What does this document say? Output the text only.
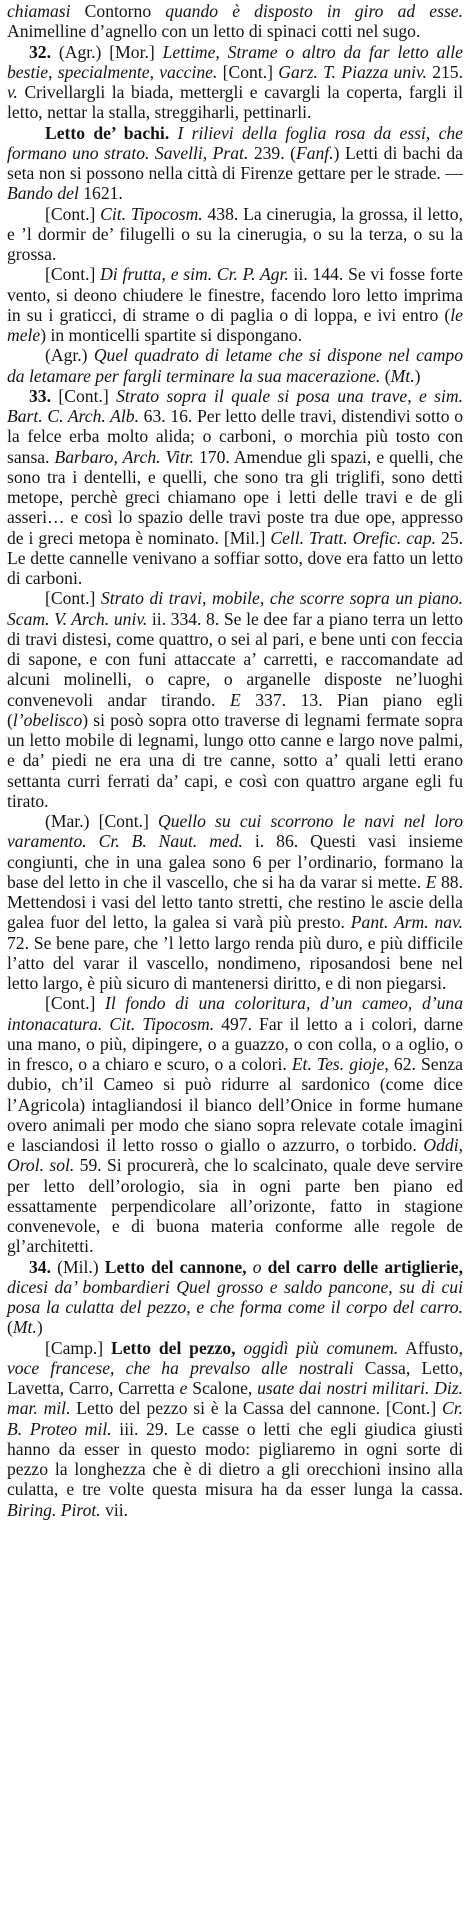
chiamasi Contorno quando è disposto in giro ad esse. Animelline d’agnello con un letto di spinaci cotti nel sugo.

32. (Agr.) [Mor.] Lettime, Strame o altro da far letto alle bestie, specialmente, vaccine. [Cont.] Garz. T. Piazza univ. 215. v. Crivellargli la biada, mettergli e cavargli la coperta, fargli il letto, nettar la stalla, streggiharli, pettinarli.

Letto de’ bachi. I rilievi della foglia rosa da essi, che formano uno strato. Savelli, Prat. 239. (Fanf.) Letti di bachi da seta non si possono nella città di Firenze gettare per le strade. — Bando del 1621.

[Cont.] Cit. Tipocosm. 438. La cinerugia, la grossa, il letto, e ’l dormir de’ filugelli o su la cinerugia, o su la terza, o su la grossa.

[Cont.] Di frutta, e sim. Cr. P. Agr. ii. 144. Se vi fosse forte vento, si deono chiudere le finestre, facendo loro letto imprima in su i graticci, di strame o di paglia o di loppa, e ivi entro (le mele) in monticelli spartite si dispongano.

(Agr.) Quel quadrato di letame che si dispone nel campo da letamare per fargli terminare la sua macerazione. (Mt.)

33. [Cont.] Strato sopra il quale si posa una trave, e sim. Bart. C. Arch. Alb. 63. 16. Per letto delle travi, distendivi sotto o la felce erba molto alida; o carboni, o morchia più tosto con sansa. Barbaro, Arch. Vitr. 170. Amendue gli spazi, e quelli, che sono tra i dentelli, e quelli, che sono tra gli triglifi, sono detti metope, perchè greci chiamano ope i letti delle travi e de gli asseri… e così lo spazio delle travi poste tra due ope, appresso de i greci metopa è nominato. [Mil.] Cell. Tratt. Orefic. cap. 25. Le dette cannelle venivano a soffiar sotto, dove era fatto un letto di carboni.

[Cont.] Strato di travi, mobile, che scorre sopra un piano. Scam. V. Arch. univ. ii. 334. 8. Se le dee far a piano terra un letto di travi distesi, come quattro, o sei al pari, e bene unti con feccia di sapone, e con funi attaccate a’ carretti, e raccomandate ad alcuni molinelli, o capre, o arganelle disposte ne’luoghi convenevoli andar tirando. E 337. 13. Pian piano egli (l’obelisco) si posò sopra otto traverse di legnami fermate sopra un letto mobile di legnami, lungo otto canne e largo nove palmi, e da’ piedi ne era una di tre canne, sotto a’ quali letti erano settanta curri ferrati da’ capi, e così con quattro argane egli fu tirato.

(Mar.) [Cont.] Quello su cui scorrono le navi nel loro varamento. Cr. B. Naut. med. i. 86. Questi vasi insieme congiunti, che in una galea sono 6 per l’ordinario, formano la base del letto in che il vascello, che si ha da varar si mette. E 88. Mettendosi i vasi del letto tanto stretti, che restino le ascie della galea fuor del letto, la galea si varà più presto. Pant. Arm. nav. 72. Se bene pare, che ’l letto largo renda più duro, e più difficile l’atto del varar il vascello, nondimeno, riposandosi bene nel letto largo, è più sicuro di mantenersi diritto, e di non piegarsi.

[Cont.] Il fondo di una coloritura, d’un cameo, d’una intonacatura. Cit. Tipocosm. 497. Far il letto a i colori, darne una mano, o più, dipingere, o a guazzo, o con colla, o a oglio, o in fresco, o a chiaro e scuro, o a colori. Et. Tes. gioje, 62. Senza dubio, ch’il Cameo si può ridurre al sardonico (come dice l’Agricola) intagliandosi il bianco dell’Onice in forme humane overo animali per modo che siano sopra relevate cotale imagini e lasciandosi il letto rosso o giallo o azzurro, o torbido. Oddi, Orol. sol. 59. Si procurerà, che lo scalcinato, quale deve servire per letto dell’orologio, sia in ogni parte ben piano ed essattamente perpendicolare all’orizonte, fatto in stagione convenevole, e di buona materia conforme alle regole de gl’architetti.

34. (Mil.) Letto del cannone, o del carro delle artiglierie, dicesi da’ bombardieri Quel grosso e saldo pancone, su di cui posa la culatta del pezzo, e che forma come il corpo del carro. (Mt.)

[Camp.] Letto del pezzo, oggidì più comunem. Affusto, voce francese, che ha prevalso alle nostrali Cassa, Letto, Lavetta, Carro, Carretta e Scalone, usate dai nostri militari. Diz. mar. mil. Letto del pezzo si è la Cassa del cannone. [Cont.] Cr. B. Proteo mil. iii. 29. Le casse o letti che egli giudica giusti hanno da esser in questo modo: pigliaremo in ogni sorte di pezzo la longhezza che è di dietro a gli orecchioni insino alla culatta, e tre volte questa misura ha da esser lunga la cassa. Biring. Pirot. vii.
